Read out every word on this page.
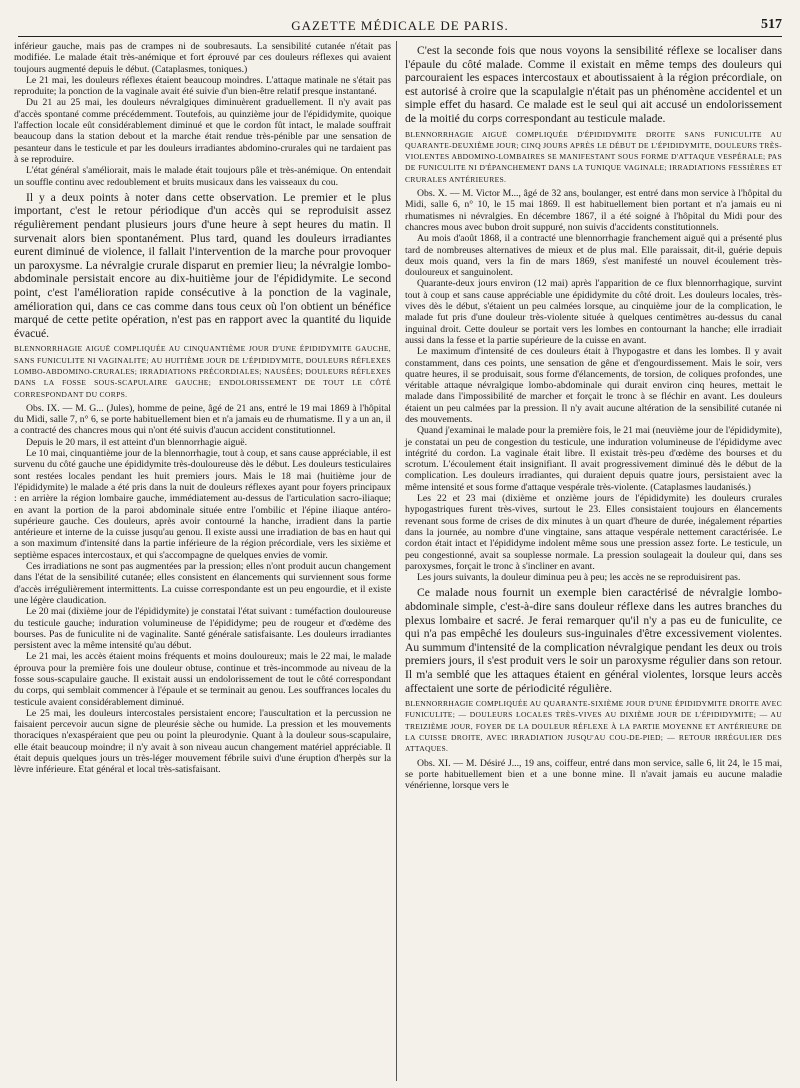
GAZETTE MÉDICALE DE PARIS.	517

inférieur gauche, mais pas de crampes ni de soubresauts. La sensibilité cutanée n'était pas modifiée. Le malade était très-anémique et fort éprouvé par ces douleurs réflexes qui avaient toujours augmenté depuis le début. (Cataplasmes, toniques.)

Le 21 mai, les douleurs réflexes étaient beaucoup moindres. L'attaque matinale ne s'était pas reproduite; la ponction de la vaginale avait été suivie d'un bien-être relatif presque instantané.

Du 21 au 25 mai, les douleurs névralgiques diminuèrent graduellement. Il n'y avait pas d'accès spontané comme précédemment. Toutefois, au quinzième jour de l'épididymite, quoique l'affection locale eût considérablement diminué et que le cordon fût intact, le malade souffrait beaucoup dans la station debout et la marche était rendue très-pénible par une sensation de pesanteur dans le testicule et par les douleurs irradiantes abdomino-crurales qui ne tardaient pas à se reproduire.

L'état général s'améliorait, mais le malade était toujours pâle et très-anémique. On entendait un souffle continu avec redoublement et bruits musicaux dans les vaisseaux du cou.

Il y a deux points à noter dans cette observation. Le premier et le plus important, c'est le retour périodique d'un accès qui se reproduisit assez régulièrement pendant plusieurs jours d'une heure à sept heures du matin. Il survenait alors bien spontanément. Plus tard, quand les douleurs irradiantes eurent diminué de violence, il fallait l'intervention de la marche pour provoquer un paroxysme. La névralgie crurale disparut en premier lieu; la névralgie lombo-abdominale persistait encore au dix-huitième jour de l'épididymite. Le second point, c'est l'amélioration rapide consécutive à la ponction de la vaginale, amélioration qui, dans ce cas comme dans tous ceux où l'on obtient un bénéfice marqué de cette petite opération, n'est pas en rapport avec la quantité du liquide évacué.

BLENNORRHAGIE AIGUË COMPLIQUÉE AU CINQUANTIÈME JOUR D'UNE ÉPIDIDYMITE GAUCHE, SANS FUNICULITE NI VAGINALITE; AU HUITIÈME JOUR DE L'ÉPIDIDYMITE, DOULEURS RÉFLEXES LOMBO-ABDOMINO-CRURALES; IRRADIATIONS PRÉCORDIALES; NAUSÉES; DOULEURS RÉFLEXES DANS LA FOSSE SOUS-SCAPULAIRE GAUCHE; ENDOLORISSEMENT DE TOUT LE CÔTÉ CORRESPONDANT DU CORPS.

Obs. IX. — M. G... (Jules), homme de peine, âgé de 21 ans, entré le 19 mai 1869 à l'hôpital du Midi, salle 7, n° 6, se porte habituellement bien et n'a jamais eu de rhumatisme. Il y a un an, il a contracté des chancres mous qui n'ont été suivis d'aucun accident constitutionnel.

Depuis le 20 mars, il est atteint d'un blennorrhagie aiguë.

Le 10 mai, cinquantième jour de la blennorrhagie, tout à coup, et sans cause appréciable, il est survenu du côté gauche une épididymite très-douloureuse dès le début. Les douleurs testiculaires sont restées locales pendant les huit premiers jours. Mais le 18 mai (huitième jour de l'épididymite) le malade a été pris dans la nuit de douleurs réflexes ayant pour foyers principaux : en arrière la région lombaire gauche, immédiatement au-dessus de l'articulation sacro-iliaque; en avant la portion de la paroi abdominale située entre l'ombilic et l'épine iliaque antéro-supérieure gauche. Ces douleurs, après avoir contourné la hanche, irradient dans la partie antérieure et interne de la cuisse jusqu'au genou. Il existe aussi une irradiation de bas en haut qui a son maximum d'intensité dans la partie inférieure de la région précordiale, vers les sixième et septième espaces intercostaux, et qui s'accompagne de quelques envies de vomir.

Ces irradiations ne sont pas augmentées par la pression; elles n'ont produit aucun changement dans l'état de la sensibilité cutanée; elles consistent en élancements qui surviennent sous forme d'accès irrégulièrement intermittents. La cuisse correspondante est un peu engourdie, et il existe une légère claudication.

Le 20 mai (dixième jour de l'épididymite) je constatai l'état suivant : tuméfaction douloureuse du testicule gauche; induration volumineuse de l'épididyme; peu de rougeur et d'œdème des bourses. Pas de funiculite ni de vaginalite. Santé générale satisfaisante. Les douleurs irradiantes persistent avec la même intensité qu'au début.

Le 21 mai, les accès étaient moins fréquents et moins douloureux; mais le 22 mai, le malade éprouva pour la première fois une douleur obtuse, continue et très-incommode au niveau de la fosse sous-scapulaire gauche. Il existait aussi un endolorissement de tout le côté correspondant du corps, qui semblait commencer à l'épaule et se terminait au genou. Les souffrances locales du testicule avaient considérablement diminué.

Le 25 mai, les douleurs intercostales persistaient encore; l'auscultation et la percussion ne faisaient percevoir aucun signe de pleurésie sèche ou humide. La pression et les mouvements thoraciques n'exaspéraient que peu ou point la pleurodynie. Quant à la douleur sous-scapulaire, elle était beaucoup moindre; il n'y avait à son niveau aucun changement matériel appréciable. Il était depuis quelques jours un très-léger mouvement fébrile suivi d'une éruption d'herpès sur la lèvre inférieure. Etat général et local très-satisfaisant.

C'est la seconde fois que nous voyons la sensibilité réflexe se localiser dans l'épaule du côté malade. Comme il existait en même temps des douleurs qui parcouraient les espaces intercostaux et aboutissaient à la région précordiale, on est autorisé à croire que la scapulalgie n'était pas un phénomène accidentel et un simple effet du hasard. Ce malade est le seul qui ait accusé un endolorissement de la moitié du corps correspondant au testicule malade.

BLENNORRHAGIE AIGUË COMPLIQUÉE D'ÉPIDIDYMITE DROITE SANS FUNICULITE AU QUARANTE-DEUXIÈME JOUR; CINQ JOURS APRÈS LE DÉBUT DE L'ÉPIDIDYMITE, DOULEURS TRÈS-VIOLENTES ABDOMINO-LOMBAIRES SE MANIFESTANT SOUS FORME D'ATTAQUE VESPÉRALE; PAS DE FUNICULITE NI D'ÉPANCHEMENT DANS LA TUNIQUE VAGINALE; IRRADIATIONS FESSIÈRES ET CRURALES ANTÉRIEURES.

Obs. X. — M. Victor M..., âgé de 32 ans, boulanger, est entré dans mon service à l'hôpital du Midi, salle 6, n° 10, le 15 mai 1869. Il est habituellement bien portant et n'a jamais eu ni rhumatismes ni névralgies. En décembre 1867, il a été soigné à l'hôpital du Midi pour des chancres mous avec bubon droit suppuré, non suivis d'accidents constitutionnels.

Au mois d'août 1868, il a contracté une blennorrhagie franchement aiguë qui a présenté plus tard de nombreuses alternatives de mieux et de plus mal. Elle paraissait, dit-il, guérie depuis deux mois quand, vers la fin de mars 1869, s'est manifesté un nouvel écoulement très-douloureux et sanguinolent.

Quarante-deux jours environ (12 mai) après l'apparition de ce flux blennorrhagique, survint tout à coup et sans cause appréciable une épididymite du côté droit. Les douleurs locales, très-vives dès le début, s'étaient un peu calmées lorsque, au cinquième jour de la complication, le malade fut pris d'une douleur très-violente située à quelques centimètres au-dessus du canal inguinal droit. Cette douleur se portait vers les lombes en contournant la hanche; elle irradiait aussi dans la fesse et la partie supérieure de la cuisse en avant.

Le maximum d'intensité de ces douleurs était à l'hypogastre et dans les lombes. Il y avait constamment, dans ces points, une sensation de gêne et d'engourdissement. Mais le soir, vers quatre heures, il se produisait, sous forme d'élancements, de torsion, de coliques profondes, une véritable attaque névralgique lombo-abdominale qui durait environ cinq heures, mettait le malade dans l'impossibilité de marcher et forçait le tronc à se fléchir en avant. Les douleurs étaient un peu calmées par la pression. Il n'y avait aucune altération de la sensibilité cutanée ni des mouvements.

Quand j'examinai le malade pour la première fois, le 21 mai (neuvième jour de l'épididymite), je constatai un peu de congestion du testicule, une induration volumineuse de l'épididyme avec intégrité du cordon. La vaginale était libre. Il existait très-peu d'œdème des bourses et du scrotum. L'écoulement était insignifiant. Il avait progressivement diminué dès le début de la complication. Les douleurs irradiantes, qui duraient depuis quatre jours, persistaient avec la même intensité et sous forme d'attaque vespérale très-violente. (Cataplasmes laudanisés.)

Les 22 et 23 mai (dixième et onzième jours de l'épididymite) les douleurs crurales hypogastriques furent très-vives, surtout le 23. Elles consistaient toujours en élancements revenant sous forme de crises de dix minutes à un quart d'heure de durée, inégalement réparties dans la journée, au nombre d'une vingtaine, sans attaque vespérale nettement caractérisée. Le cordon était intact et l'épididyme indolent même sous une pression assez forte. Le testicule, un peu congestionné, avait sa souplesse normale. La pression soulageait la douleur qui, dans ses paroxysmes, forçait le tronc à s'incliner en avant.

Les jours suivants, la douleur diminua peu à peu; les accès ne se reproduisirent pas.

Ce malade nous fournit un exemple bien caractérisé de névralgie lombo-abdominale simple, c'est-à-dire sans douleur réflexe dans les autres branches du plexus lombaire et sacré. Je ferai remarquer qu'il n'y a pas eu de funiculite, ce qui n'a pas empêché les douleurs sus-inguinales d'être excessivement violentes. Au summum d'intensité de la complication névralgique pendant les deux ou trois premiers jours, il s'est produit vers le soir un paroxysme régulier dans son retour. Il m'a semblé que les attaques étaient en général violentes, lorsque leurs accès affectaient une sorte de périodicité régulière.

BLENNORRHAGIE COMPLIQUÉE AU QUARANTE-SIXIÈME JOUR D'UNE ÉPIDIDYMITE DROITE AVEC FUNICULITE; — DOULEURS LOCALES TRÈS-VIVES AU DIXIÈME JOUR DE L'ÉPIDIDYMITE; — AU TREIZIÈME JOUR, FOYER DE LA DOULEUR RÉFLEXE À LA PARTIE MOYENNE ET ANTÉRIEURE DE LA CUISSE DROITE, AVEC IRRADIATION JUSQU'AU COU-DE-PIED; — RETOUR IRRÉGULIER DES ATTAQUES.

Obs. XI. — M. Désiré J..., 19 ans, coiffeur, entré dans mon service, salle 6, lit 24, le 15 mai, se porte habituellement bien et a une bonne mine. Il n'avait jamais eu aucune maladie vénérienne, lorsque vers le
